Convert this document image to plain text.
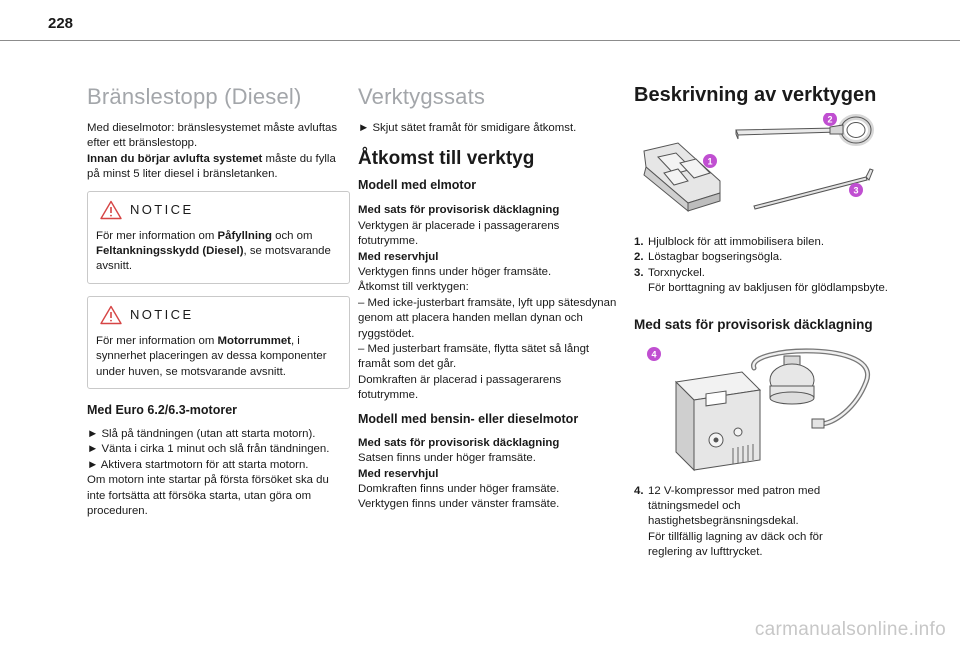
228
Bränslestopp (Diesel)

Med dieselmotor: bränslesystemet måste avluftas efter ett bränslestopp.
Innan du börjar avlufta systemet måste du fylla på minst 5 liter diesel i bränsletanken.

NOTICE

För mer information om Påfyllning och om Feltankningsskydd (Diesel), se motsvarande avsnitt.

NOTICE

För mer information om Motorrummet, i synnerhet placeringen av dessa komponenter under huven, se motsvarande avsnitt.

Med Euro 6.2/6.3-motorer
► Slå på tändningen (utan att starta motorn).
► Vänta i cirka 1 minut och slå från tändningen.
► Aktivera startmotorn för att starta motorn.

Om motorn inte startar på första försöket ska du inte fortsätta att försöka starta, utan göra om proceduren.

Verktygssats

► Skjut sätet framåt för smidigare åtkomst.

Åtkomst till verktyg
Modell med elmotor

Med sats för provisorisk däcklagning
Verktygen är placerade i passagerarens fotutrymme.
Med reservhjul
Verktygen finns under höger framsäte.
Åtkomst till verktygen:
– Med icke-justerbart framsäte, lyft upp sätesdynan genom att placera handen mellan dynan och ryggstödet.
– Med justerbart framsäte, flytta sätet så långt framåt som det går.
Domkraften är placerad i passagerarens fotutrymme.

Modell med bensin- eller dieselmotor

Med sats för provisorisk däcklagning
Satsen finns under höger framsäte.
Med reservhjul
Domkraften finns under höger framsäte.
Verktygen finns under vänster framsäte.

Beskrivning av verktygen
1
2
3
1. Hjulblock för att immobilisera bilen.
2. Löstagbar bogseringsögla.
3. Torxnyckel.
För borttagning av bakljusen för glödlampsbyte.
Med sats för provisorisk däcklagning
4
4. 12 V-kompressor med patron med tätningsmedel och hastighetsbegränsningsdekal.
För tillfällig lagning av däck och för reglering av lufttrycket.
carmanualsonline.info
